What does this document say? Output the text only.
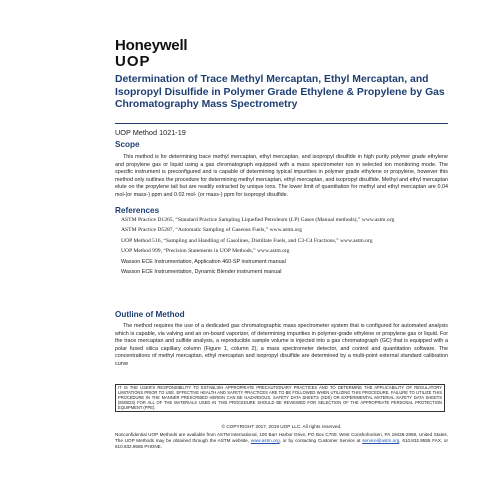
Honeywell
UOP
Determination of Trace Methyl Mercaptan, Ethyl Mercaptan, and Isopropyl Disulfide in Polymer Grade Ethylene & Propylene by Gas Chromatography Mass Spectrometry
UOP Method 1021-19
Scope

This method is for determining trace methyl mercaptan, ethyl mercaptan, and isopropyl disulfide in high purity polymer grade ethylene and propylene gas or liquid using a gas chromatograph equipped with a mass spectrometer run in selected ion monitoring mode. The specific instrument is preconfigured and is capable of determining typical impurities in polymer grade ethylene or propylene, however this method only outlines the procedure for determining methyl mercaptan, ethyl mercaptan, and isopropyl disulfide. Methyl and ethyl mercaptan elute on the propylene tail but are readily extracted by unique ions. The lower limit of quantitation for methyl and ethyl mercaptan are 0.04 mol-(or mass-) ppm and 0.02 mol- (or mass-) ppm for isopropyl disulfide.

References
ASTM Practice D1265, “Standard Practice Sampling Liquefied Petroleum (LP) Gases (Manual methods),” www.astm.org
ASTM Practice D5287, “Automatic Sampling of Gaseous Fuels,” www.astm.org
UOP Method 516, “Sampling and Handling of Gasolines, Distillate Fuels, and C3-C4 Fractions,” www.astm.org
UOP Method 999, “Precision Statements in UOP Methods,” www.astm.org
Wasson ECE Instrumentation, Application 460-SP instrument manual
Wasson ECE Instrumentation, Dynamic Blender instrument manual
Outline of Method

The method requires the use of a dedicated gas chromatographic mass spectrometer system that is configured for automated analysis which is capable, via valving and an on-board vaporizer, of determining impurities in polymer-grade ethylene or propylene gas or liquid. For the trace mercaptan and sulfide analysis, a reproducible sample volume is injected into a gas chromatograph (GC) that is equipped with a polar fused silica capillary column (Figure 1, column 2), a mass spectrometer detector, and control and quantitation software. The concentrations of methyl mercaptan, ethyl mercaptan and isopropyl disulfide are determined by a multi-point external standard calibration curve

IT IS THE USER'S RESPONSIBILITY TO ESTABLISH APPROPRIATE PRECAUTIONARY PRACTICES AND TO DETERMINE THE APPLICABILITY OF REGULATORY LIMITATIONS PRIOR TO USE. EFFECTIVE HEALTH AND SAFETY PRACTICES ARE TO BE FOLLOWED WHEN UTILIZING THIS PROCEDURE. FAILURE TO UTILIZE THIS PROCEDURE IN THE MANNER PRESCRIBED HEREIN CAN BE HAZARDOUS. SAFETY DATA SHEETS (SDS) OR EXPERIMENTAL MATERIAL SAFETY DATA SHEETS (EMSDS) FOR ALL OF THE MATERIALS USED IN THIS PROCEDURE SHOULD BE REVIEWED FOR SELECTION OF THE APPROPRIATE PERSONAL PROTECTION EQUIPMENT (PPE).

© COPYRIGHT 2017, 2019 UOP LLC. All rights reserved.

Nonconfidential UOP Methods are available from ASTM International, 100 Barr Harbor Drive, PO Box C700, West Conshohocken, PA 19428-2959, United States. The UOP Methods may be obtained through the ASTM website, www.astm.org, or by contacting Customer Service at service@astm.org, 610.832.9555 FAX, or 610.832.9585 PHONE.
